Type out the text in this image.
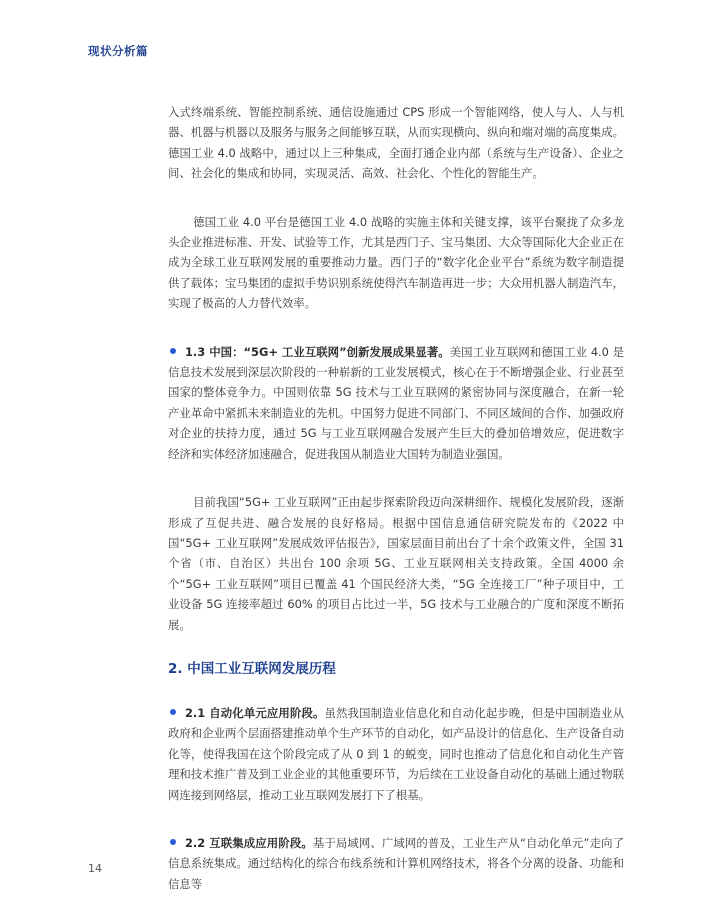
现状分析篇

入式终端系统、智能控制系统、通信设施通过 CPS 形成一个智能网络，使人与人、人与机器、机器与机器以及服务与服务之间能够互联，从而实现横向、纵向和端对端的高度集成。德国工业 4.0 战略中，通过以上三种集成，全面打通企业内部（系统与生产设备）、企业之间、社会化的集成和协同，实现灵活、高效、社会化、个性化的智能生产。

德国工业 4.0 平台是德国工业 4.0 战略的实施主体和关键支撑，该平台聚拢了众多龙头企业推进标准、开发、试验等工作，尤其是西门子、宝马集团、大众等国际化大企业正在成为全球工业互联网发展的重要推动力量。西门子的“数字化企业平台”系统为数字制造提供了载体；宝马集团的虚拟手势识别系统使得汽车制造再进一步；大众用机器人制造汽车，实现了极高的人力替代效率。

1.3 中国：“5G+ 工业互联网”创新发展成果显著。美国工业互联网和德国工业 4.0 是信息技术发展到深层次阶段的一种崭新的工业发展模式，核心在于不断增强企业、行业甚至国家的整体竞争力。中国则依靠 5G 技术与工业互联网的紧密协同与深度融合，在新一轮产业革命中紧抓未来制造业的先机。中国努力促进不同部门、不同区域间的合作、加强政府对企业的扶持力度，通过 5G 与工业互联网融合发展产生巨大的叠加倍增效应，促进数字经济和实体经济加速融合，促进我国从制造业大国转为制造业强国。

目前我国“5G+ 工业互联网”正由起步探索阶段迈向深耕细作、规模化发展阶段，逐渐形成了互促共进、融合发展的良好格局。根据中国信息通信研究院发布的《2022 中国“5G+ 工业互联网”发展成效评估报告》，国家层面目前出台了十余个政策文件，全国 31 个省（市、自治区）共出台 100 余项 5G、工业互联网相关支持政策。全国 4000 余个“5G+ 工业互联网”项目已覆盖 41 个国民经济大类，“5G 全连接工厂”种子项目中，工业设备 5G 连接率超过 60% 的项目占比过一半，5G 技术与工业融合的广度和深度不断拓展。

2. 中国工业互联网发展历程

2.1 自动化单元应用阶段。虽然我国制造业信息化和自动化起步晚，但是中国制造业从政府和企业两个层面搭建推动单个生产环节的自动化，如产品设计的信息化、生产设备自动化等，使得我国在这个阶段完成了从 0 到 1 的蜕变，同时也推动了信息化和自动化生产管理和技术推广普及到工业企业的其他重要环节，为后续在工业设备自动化的基础上通过物联网连接到网络层，推动工业互联网发展打下了根基。

2.2 互联集成应用阶段。基于局域网、广域网的普及，工业生产从“自动化单元”走向了信息系统集成。通过结构化的综合布线系统和计算机网络技术，将各个分离的设备、功能和信息等

14
